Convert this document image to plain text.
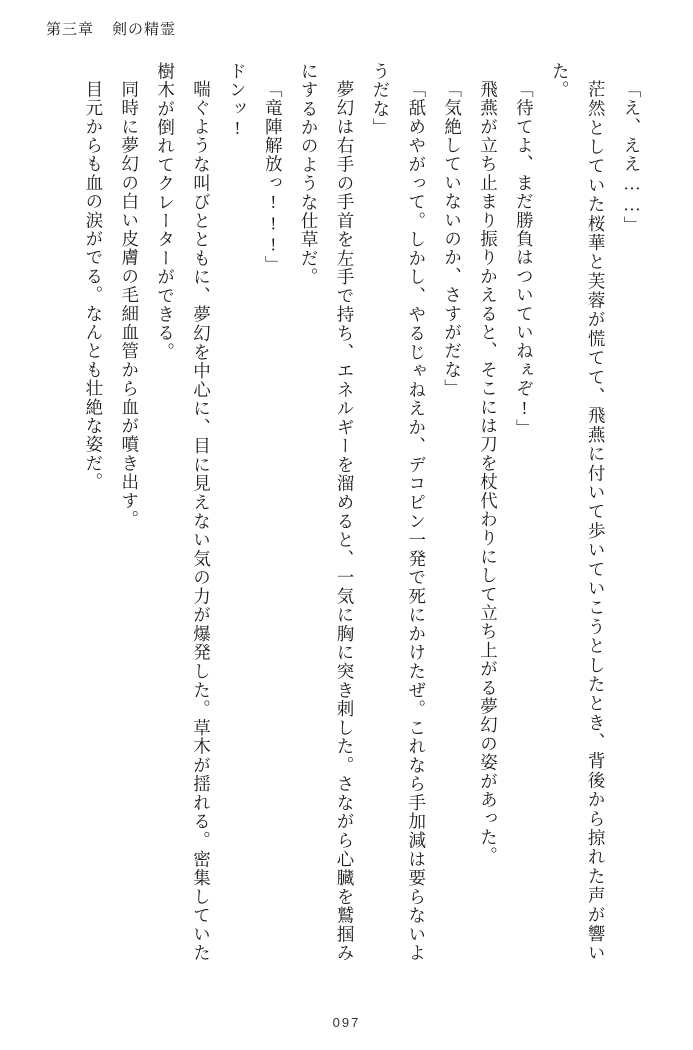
第三章 剣の精霊

「え、ええ……」

茫然としていた桜華と芙蓉が慌てて、飛燕に付いて歩いていこうとしたとき、背後から掠れた声が響いた。

「待てよ、まだ勝負はついていねぇぞ!」

飛燕が立ち止まり振りかえると、そこには刀を杖代わりにして立ち上がる夢幻の姿があった。

「気絶していないのか、さすがだな」

「舐めやがって。しかし、やるじゃねえか、デコピン一発で死にかけたぜ。これなら手加減は要らないようだな」

夢幻は右手の手首を左手で持ち、エネルギーを溜めると、一気に胸に突き刺した。さながら心臓を鷲掴みにするかのような仕草だ。

「竜陣解放っ!!!」

ドンッ!

喘ぐような叫びとともに、夢幻を中心に、目に見えない気の力が爆発した。草木が揺れる。密集していた樹木が倒れてクレーターができる。

同時に夢幻の白い皮膚の毛細血管から血が噴き出す。

目元からも血の涙がでる。なんとも壮絶な姿だ。

097
